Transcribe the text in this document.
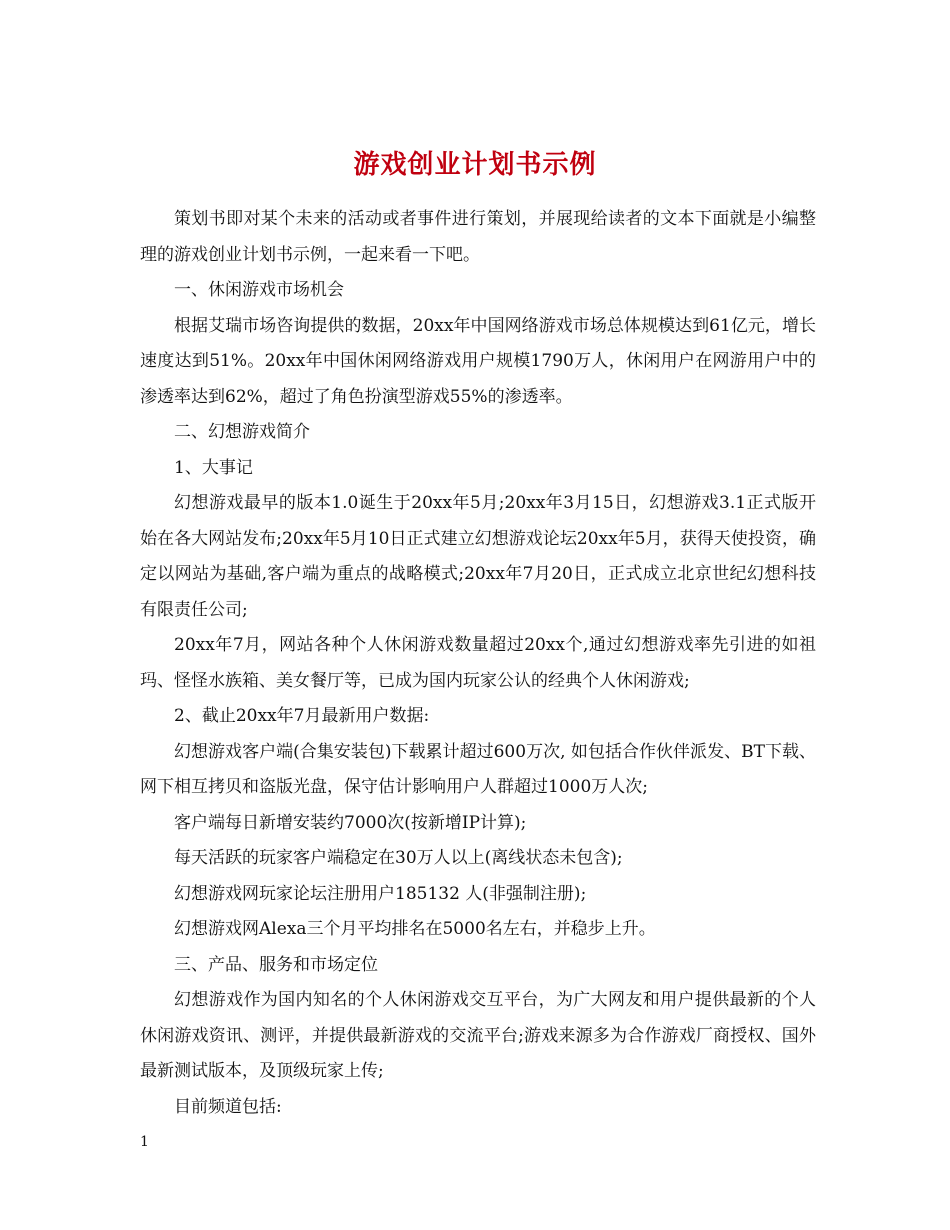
游戏创业计划书示例

策划书即对某个未来的活动或者事件进行策划，并展现给读者的文本下面就是小编整理的游戏创业计划书示例，一起来看一下吧。

一、休闲游戏市场机会

根据艾瑞市场咨询提供的数据，20xx年中国网络游戏市场总体规模达到61亿元，增长速度达到51%。20xx年中国休闲网络游戏用户规模1790万人，休闲用户在网游用户中的渗透率达到62%，超过了角色扮演型游戏55%的渗透率。

二、幻想游戏简介

1、大事记

幻想游戏最早的版本1.0诞生于20xx年5月;20xx年3月15日，幻想游戏3.1正式版开始在各大网站发布;20xx年5月10日正式建立幻想游戏论坛20xx年5月，获得天使投资，确定以网站为基础,客户端为重点的战略模式;20xx年7月20日，正式成立北京世纪幻想科技有限责任公司;

20xx年7月，网站各种个人休闲游戏数量超过20xx个,通过幻想游戏率先引进的如祖玛、怪怪水族箱、美女餐厅等，已成为国内玩家公认的经典个人休闲游戏;

2、截止20xx年7月最新用户数据:

幻想游戏客户端(合集安装包)下载累计超过600万次, 如包括合作伙伴派发、BT下载、网下相互拷贝和盗版光盘，保守估计影响用户人群超过1000万人次;

客户端每日新增安装约7000次(按新增IP计算);

每天活跃的玩家客户端稳定在30万人以上(离线状态未包含);

幻想游戏网玩家论坛注册用户185132 人(非强制注册);

幻想游戏网Alexa三个月平均排名在5000名左右，并稳步上升。

三、产品、服务和市场定位

幻想游戏作为国内知名的个人休闲游戏交互平台，为广大网友和用户提供最新的个人休闲游戏资讯、测评，并提供最新游戏的交流平台;游戏来源多为合作游戏厂商授权、国外最新测试版本，及顶级玩家上传;

目前频道包括:

1
